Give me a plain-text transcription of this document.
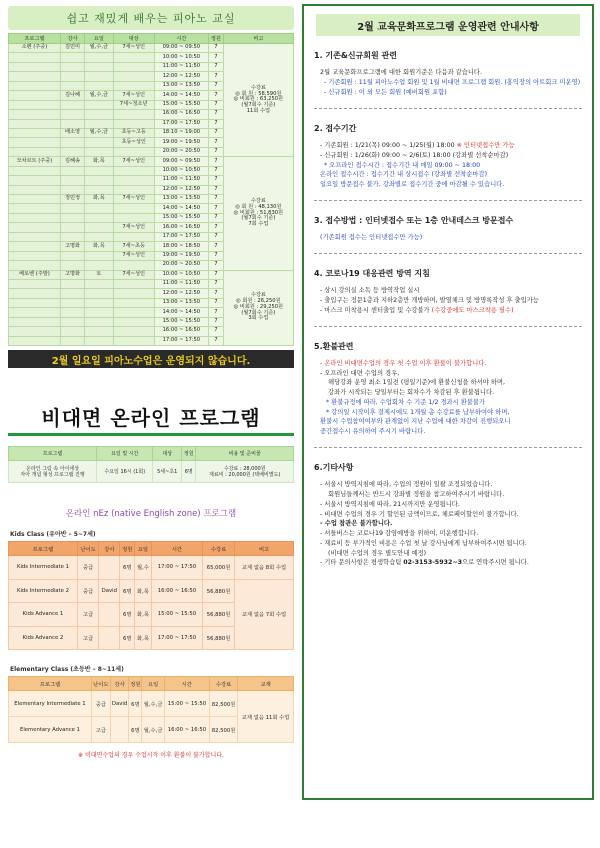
쉽고 재밌게 배우는 피아노 교실
프로그램	강사	요일	대상	시간	정원	비고
소펜 (주중)	김민미	월,수,금	7세~성인	09:00 ~ 09:50	7	수강료
◎ 회 원 : 58,590원
◎ 비회원 : 63,250원
(월7회수 기준)
11회 수업
				10:00 ~ 10:50	7	
				11:00 ~ 11:50	7	
				12:00 ~ 12:50	7	
				13:00 ~ 13:50	7	
	김나혜	월,수,금	7세~성인	14:00 ~ 14:50	7	
			7세~청소년	15:00 ~ 15:50	7	
				16:00 ~ 16:50	7	
				17:00 ~ 17:50	7	
	배소영	월,수,금	초등~고등	18:10 ~ 19:00	7	
			초등~성인	19:00 ~ 19:50	7	
				20:00 ~ 20:50	7	
모차르트 (주중)	김혜송	화,목	7세~성인	09:00 ~ 09:50	7	수강료
◎ 회 원 : 48,130원
◎ 비회원 : 51,830원
(월7회수 기준)
7회 수업
				10:00 ~ 10:50	7	
				11:00 ~ 11:50	7	
				12:00 ~ 12:50	7	
	정민정	화,목	7세~성인	13:00 ~ 13:50	7	
				14:00 ~ 14:50	7	
				15:00 ~ 15:50	7	
			7세~성인	16:00 ~ 16:50	7	
				17:00 ~ 17:50	7	
	고명화	화,목	7세~초등	18:00 ~ 18:50	7	
			7세~성인	19:00 ~ 19:50	7	
				20:00 ~ 20:50	7	
베토벤 (주말)	고명화	토	7세~성인	10:00 ~ 10:50	7	수강료
◎ 회원 : 26,250원
◎ 비회원 : 29,250원
(월7회수 기준)
3회 수업
				11:00 ~ 11:50	7	
				12:00 ~ 12:50	7	
				13:00 ~ 13:50	7	
				14:00 ~ 14:50	7	
				15:00 ~ 15:50	7	
				16:00 ~ 16:50	7	
				17:00 ~ 17:50	7	
2월 일요일 피아노수업은 운영되지 않습니다.
비대면 온라인 프로그램
프로그램	요일 및 시간	대상	정원	비용 및 준비물
온라인 그림 속 아이세상
자아 개념 형성 프로그램 진행	수요일 16시 (1회)	5세~초1	6명	수강료 : 28,000원
재료비 : 20,000원 (택배비별도)
온라인 nEz (native English zone) 프로그램
Kids Class (유아반 – 5~7세)
프로그램	난이도	강사	정원	요일	시간	수강료	비고
Kids Intermediate 1	중급		6명	월,수	17:00 ~ 17:50	65,000원	교재 없음 8회 수업
Kids Intermediate 2	중급	David	6명	화,목	16:00 ~ 16:50	56,880원	교재 없음 7회 수업
Kids Advance 1	고급		6명	화,목	15:00 ~ 15:50	56,880원	
Kids Advance 2	고급		6명	화,목	17:00 ~ 17:50	56,880원	
Elementary Class (초등반 – 8~11세)
프로그램	난이도	강사	정원	요일	시간	수강료	교재
Elementary Intermediate 1	중급	David	6명	월,수,금	15:00 ~ 15:50	82,500원	교재 없음 11회 수업
Elementary Advance 1	고급		6명	월,수,금	16:00 ~ 16:50	82,500원	
※ 비대면수업의 경우 수업시작 이후 환불이 불가합니다.
2월 교육문화프로그램 운영관련 안내사항
1. 기존&신규회원 관련

2월 교육문화프로그램에 대한 회원기준은 다음과 같습니다.

- 기존회원 : 11월 피아노수업 회원 및 1월 비대면 프로그램 회원. (홍익장의 아트회크 미운영)

- 신규회원 : 이 외 모든 회원 (예비회원 포함)

2. 접수기간

- 기존회원 : 1/21(목) 09:00 ~ 1/25(월) 18:00 ※ 인터넷접수만 가능

- 신규회원 : 1/26(화) 09:00 ~ 2/6(토) 18:00 (강좌별 선착순마감)

* 오프라인 접수시간 : 접수기간 내 매일 09:00 ~ 18:00

온라인 접수시간 : 접수기간 내 상시접수 (강좌별 선착순마감)

일요일 방문접수 불가, 강좌별로 접수기간 중에 마감될 수 있습니다.

3. 접수방법 : 인터넷접수 또는 1층 안내데스크 방문접수

(기존회원 접수는 인터넷접수만 가능)

4. 코로나19 대응관련 방역 지침

- 상시 강의실 소독 등 방역작업 실시

- 출입구는 정문1층과 지하2층만 개방하며, 발열체크 및 방명록작성 후 출입가능

- 마스크 미착용시 센터출입 및 수강불가 (수강중에도 마스크착용 필수)

5.환불관련

- 온라인 비대면수업의 경우 첫 수업 이후 환불이 불가합니다.

- 오프라인 대면 수업의 경우,

해당강좌 운영 최소 1일전 (평일기준)에 환불신청을 하셔야 하며,

강좌가 시작되는 당일부터는 회차수가 차감된 후 환불됩니다.

* 환불규정에 따라, 수업회차 수 기준 1/2 경과시 환불불가

* 강의일 시작이후 결제시에도 1개월 총 수강료를 납부하여야 하며,

환불시 수업참여여부와 관계없이 지난 수업에 대한 차감이 진행되오니

중간접수시 유의하여 주시기 바랍니다.

6.기타사항

- 서울시 방역지침에 따라, 수업의 정원이 일괄 조정되었습니다.

회원님들께서는 반드시 강좌별 정원을 참고하여주시기 바랍니다.

- 서울시 방역지침에 따라, 21시까지만 운영됩니다.

- 비대면 수업의 경우 기 할인된 금액이므로, 체로페이할인이 불가합니다.

- 수업 참관은 불가합니다.

- 셔틀버스는 코로나19 감염예방을 위하여, 미운행합니다.

- 재료비 등 부가적인 비용은 수업 첫 날 강사님에게 납부하여주시면 됩니다.

(비대면 수업의 경우 별도안내 예정)

- 기타 문의사항은 평생학습팀 02-3153-5932~3으로 연락주시면 됩니다.
